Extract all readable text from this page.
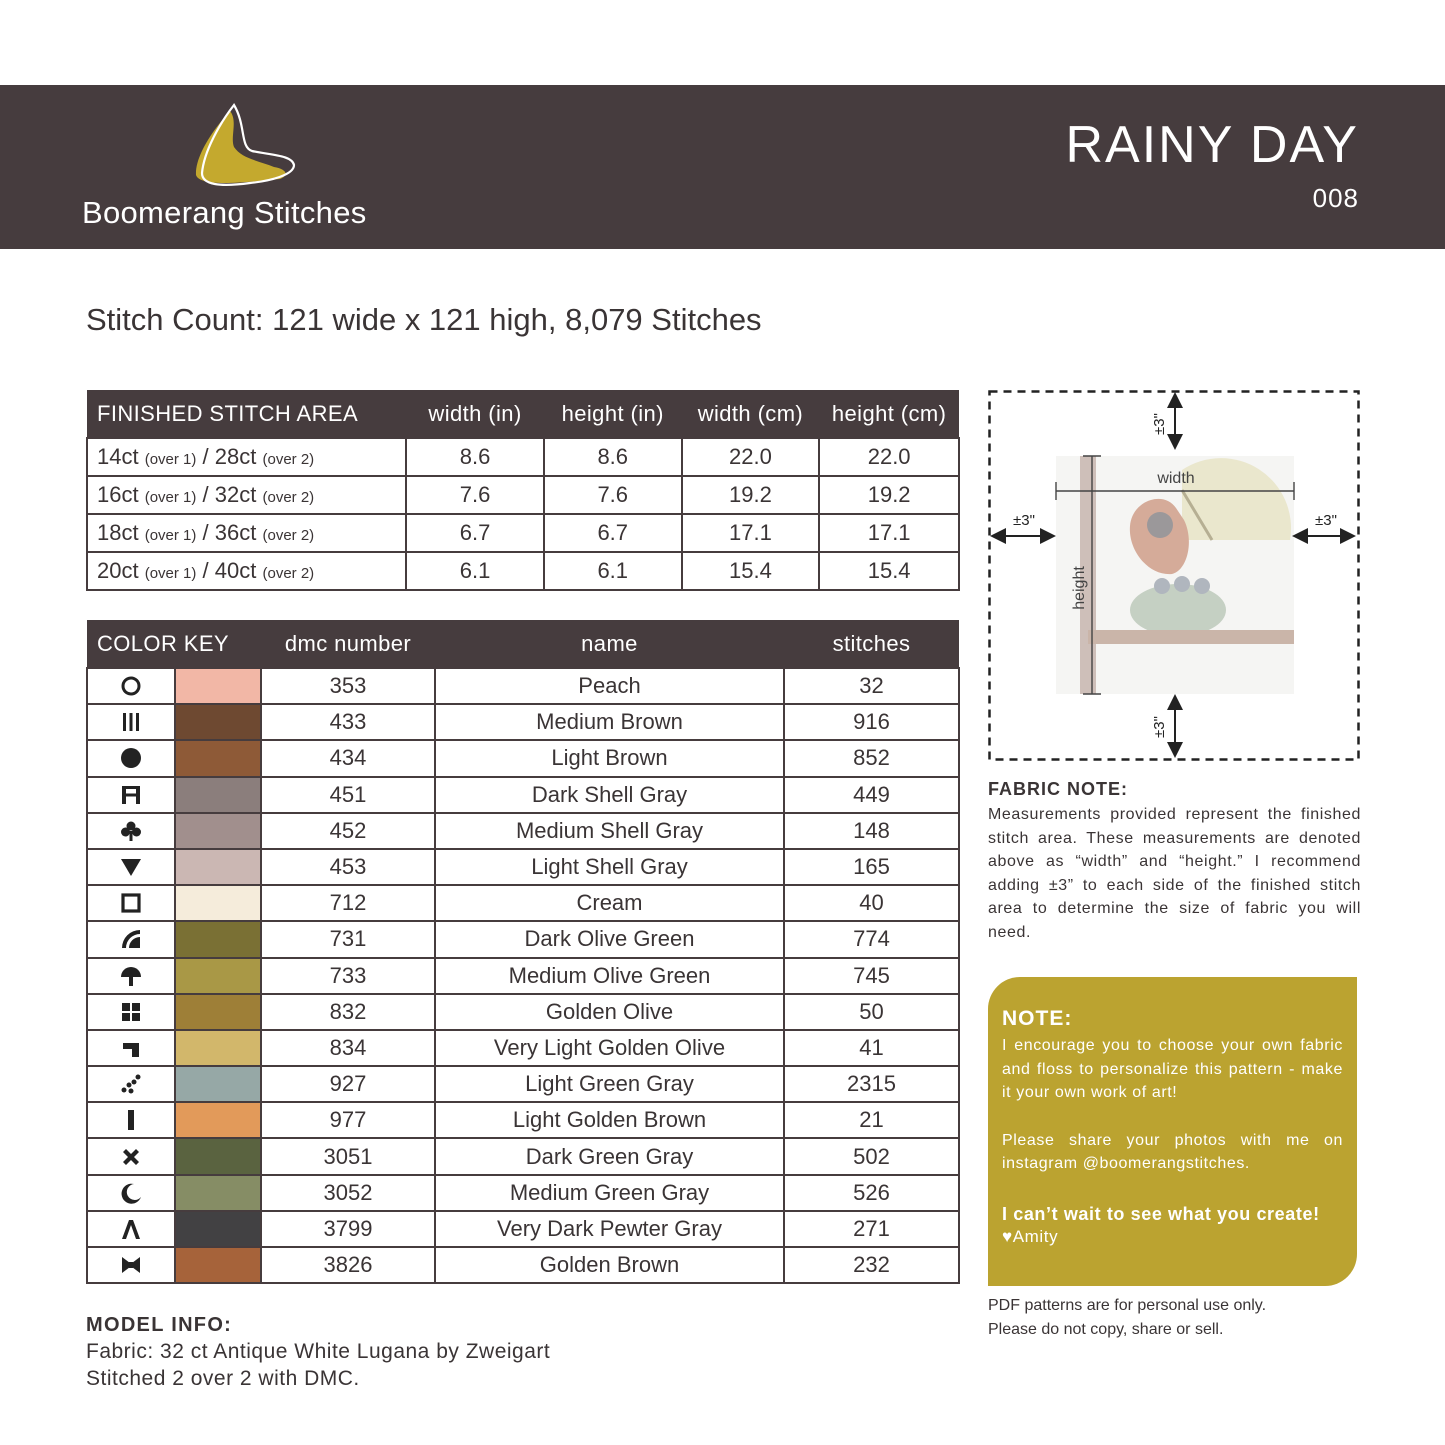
Boomerang Stitches
RAINY DAY
008
Stitch Count: 121 wide x 121 high, 8,079 Stitches
FINISHED STITCH AREA	width (in)	height (in)	width (cm)	height (cm)
14ct (over 1) / 28ct (over 2)	8.6	8.6	22.0	22.0
16ct (over 1) / 32ct (over 2)	7.6	7.6	19.2	19.2
18ct (over 1) / 36ct (over 2)	6.7	6.7	17.1	17.1
20ct (over 1) / 40ct (over 2)	6.1	6.1	15.4	15.4
COLOR KEY		dmc number	name	stitches

		353	Peach	32

		433	Medium Brown	916

		434	Light Brown	852

		451	Dark Shell Gray	449

		452	Medium Shell Gray	148

		453	Light Shell Gray	165

		712	Cream	40

		731	Dark Olive Green	774

		733	Medium Olive Green	745

		832	Golden Olive	50

		834	Very Light Golden Olive	41

		927	Light Green Gray	2315

		977	Light Golden Brown	21

		3051	Dark Green Gray	502

		3052	Medium Green Gray	526

		3799	Very Dark Pewter Gray	271

		3826	Golden Brown	232
width
height
±3"
±3"
±3"	±3"
FABRIC NOTE:
Measurements provided represent the finished stitch area. These measurements are denoted above as “width” and “height.” I recommend adding ±3” to each side of the finished stitch area to determine the size of fabric you will need.
NOTE:

I encourage you to choose your own fabric and floss to personalize this pattern - make it your own work of art!

Please share your photos with me on instagram @boomerangstitches.

I can’t wait to see what you create!

♥Amity

PDF patterns are for personal use only.
Please do not copy, share or sell.
MODEL INFO:
Fabric: 32 ct Antique White Lugana by Zweigart
Stitched 2 over 2 with DMC.
